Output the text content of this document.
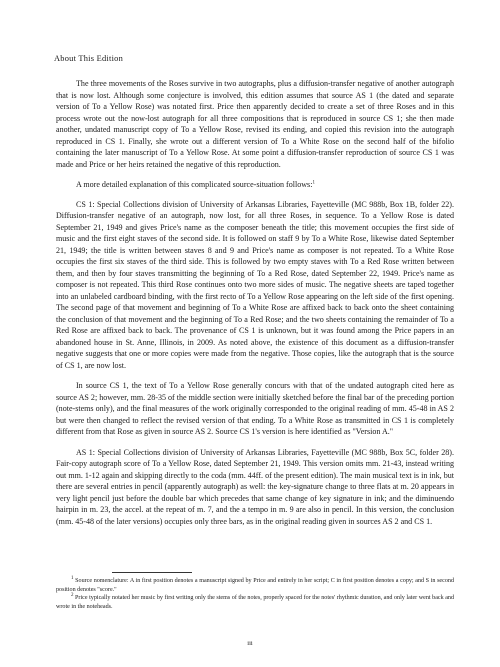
About This Edition

The three movements of the Roses survive in two autographs, plus a diffusion-transfer negative of another autograph that is now lost. Although some conjecture is involved, this edition assumes that source AS 1 (the dated and separate version of To a Yellow Rose) was notated first. Price then apparently decided to create a set of three Roses and in this process wrote out the now-lost autograph for all three compositions that is reproduced in source CS 1; she then made another, undated manuscript copy of To a Yellow Rose, revised its ending, and copied this revision into the autograph reproduced in CS 1. Finally, she wrote out a different version of To a White Rose on the second half of the bifolio containing the later manuscript of To a Yellow Rose. At some point a diffusion-transfer reproduction of source CS 1 was made and Price or her heirs retained the negative of this reproduction.

A more detailed explanation of this complicated source-situation follows:$^1$

CS 1: Special Collections division of University of Arkansas Libraries, Fayetteville (MC 988b, Box 1B, folder 22). Diffusion-transfer negative of an autograph, now lost, for all three Roses, in sequence. To a Yellow Rose is dated September 21, 1949 and gives Price's name as the composer beneath the title; this movement occupies the first side of music and the first eight staves of the second side. It is followed on staff 9 by To a White Rose, likewise dated September 21, 1949; the title is written between staves 8 and 9 and Price's name as composer is not repeated. To a White Rose occupies the first six staves of the third side. This is followed by two empty staves with To a Red Rose written between them, and then by four staves transmitting the beginning of To a Red Rose, dated September 22, 1949. Price's name as composer is not repeated. This third Rose continues onto two more sides of music. The negative sheets are taped together into an unlabeled cardboard binding, with the first recto of To a Yellow Rose appearing on the left side of the first opening. The second page of that movement and beginning of To a White Rose are affixed back to back onto the sheet containing the conclusion of that movement and the beginning of To a Red Rose; and the two sheets containing the remainder of To a Red Rose are affixed back to back. The provenance of CS 1 is unknown, but it was found among the Price papers in an abandoned house in St. Anne, Illinois, in 2009. As noted above, the existence of this document as a diffusion-transfer negative suggests that one or more copies were made from the negative. Those copies, like the autograph that is the source of CS 1, are now lost.

In source CS 1, the text of To a Yellow Rose generally concurs with that of the undated autograph cited here as source AS 2; however, mm. 28-35 of the middle section were initially sketched before the final bar of the preceding portion (note-stems only), and the final measures of the work originally corresponded to the original reading of mm. 45-48 in AS 2 but were then changed to reflect the revised version of that ending. To a White Rose as transmitted in CS 1 is completely different from that Rose as given in source AS 2. Source CS 1's version is here identified as "Version A."

AS 1: Special Collections division of University of Arkansas Libraries, Fayetteville (MC 988b, Box 5C, folder 28). Fair-copy autograph score of To a Yellow Rose, dated September 21, 1949. This version omits mm. 21-43, instead writing out mm. 1-12 again and skipping directly to the coda (mm. 44ff. of the present edition). The main musical text is in ink, but there are several entries in pencil (apparently autograph) as well: the key-signature change to three flats at m. 20 appears in very light pencil just before the double bar which precedes that same change of key signature in ink; and the diminuendo hairpin in m. 23, the accel. at the repeat of m. 7, and the a tempo in m. 9 are also in pencil. In this version, the conclusion (mm. 45-48 of the later versions) occupies only three bars, as in the original reading given in sources AS 2 and CS 1.

$^1$ Source nomenclature: A in first position denotes a manuscript signed by Price and entirely in her script; C in first position denotes a copy; and S in second position denotes "score."

$^2$ Price typically notated her music by first writing only the stems of the notes, properly spaced for the notes' rhythmic duration, and only later went back and wrote in the noteheads.

iii
